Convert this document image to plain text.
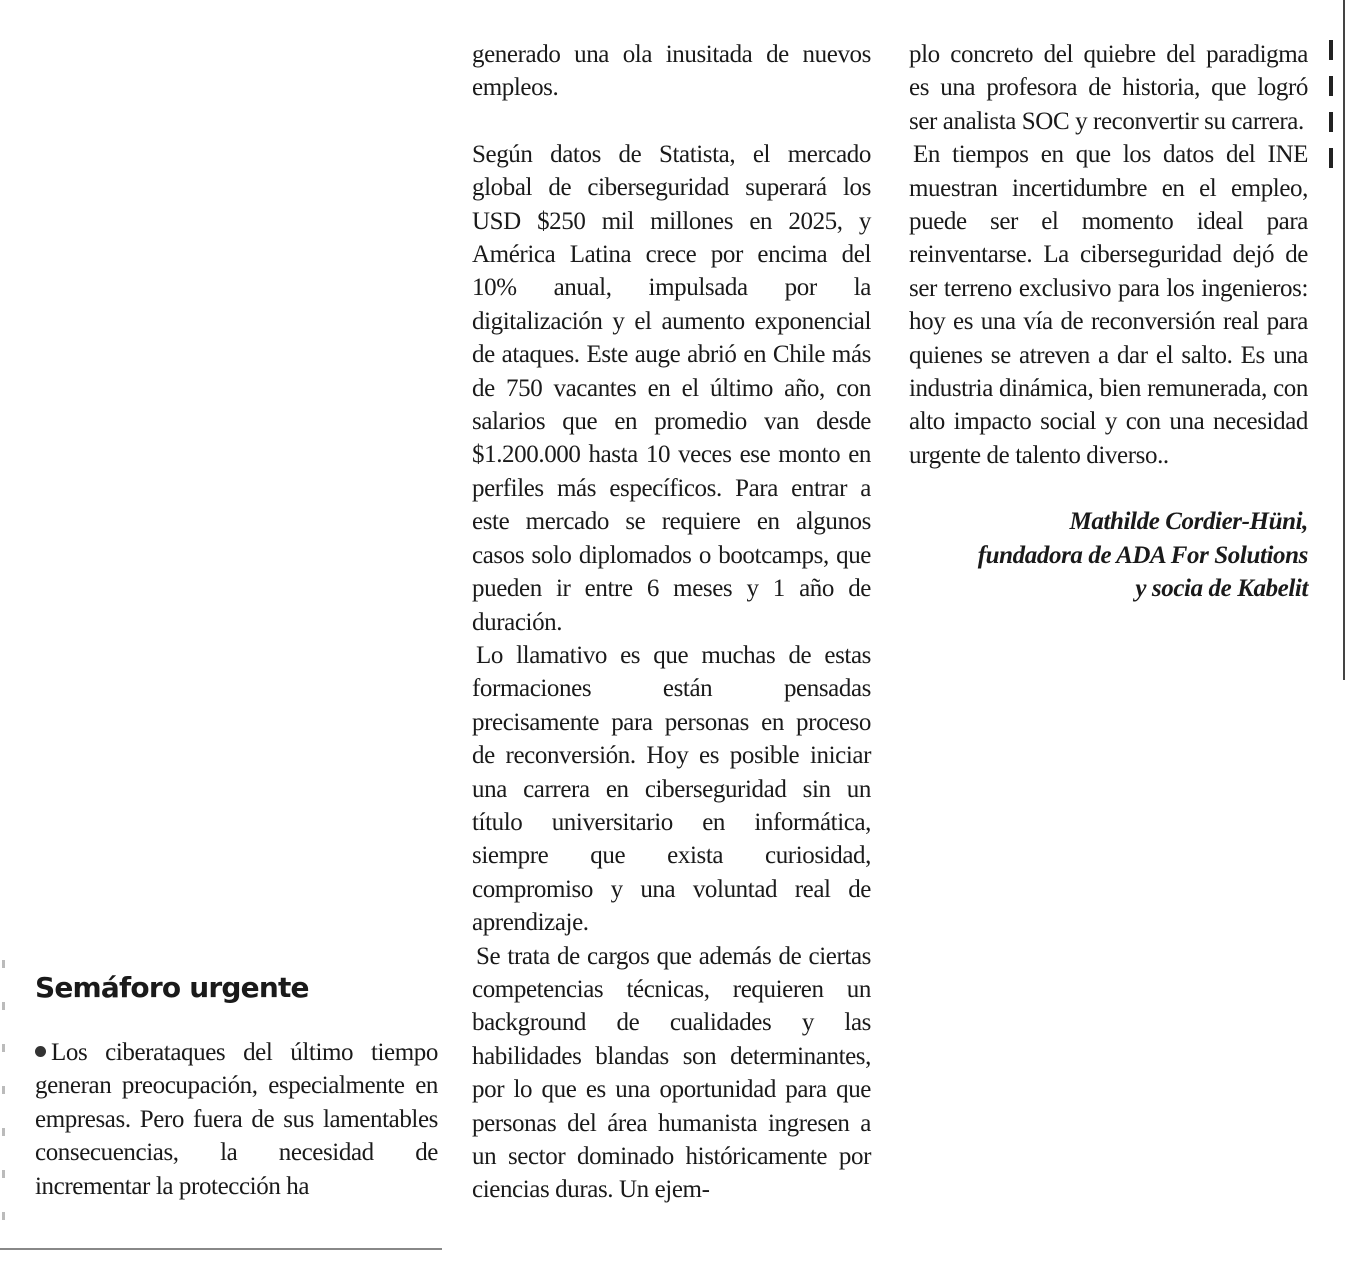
Semáforo urgente

Los ciberataques del último tiempo generan preocupación, especialmente en empresas. Pero fuera de sus lamentables consecuencias, la necesidad de incrementar la protección ha

generado una ola inusitada de nuevos empleos.

Según datos de Statista, el mercado global de ciberseguridad superará los USD $250 mil millones en 2025, y América Latina crece por encima del 10% anual, impulsada por la digitalización y el aumento exponencial de ataques. Este auge abrió en Chile más de 750 vacantes en el último año, con salarios que en promedio van desde $1.200.000 hasta 10 veces ese monto en perfiles más específicos. Para entrar a este mercado se requiere en algunos casos solo diplomados o bootcamps, que pueden ir entre 6 meses y 1 año de duración.

Lo llamativo es que muchas de estas formaciones están pensadas precisamente para personas en proceso de reconversión. Hoy es posible iniciar una carrera en ciberseguridad sin un título universitario en informática, siempre que exista curiosidad, compromiso y una voluntad real de aprendizaje.

Se trata de cargos que además de ciertas competencias técnicas, requieren un background de cualidades y las habilidades blandas son determinantes, por lo que es una oportunidad para que personas del área humanista ingresen a un sector dominado históricamente por ciencias duras. Un ejem-

plo concreto del quiebre del paradigma es una profesora de historia, que logró ser analista SOC y reconvertir su carrera.

En tiempos en que los datos del INE muestran incertidumbre en el empleo, puede ser el momento ideal para reinventarse. La ciberseguridad dejó de ser terreno exclusivo para los ingenieros: hoy es una vía de reconversión real para quienes se atreven a dar el salto. Es una industria dinámica, bien remunerada, con alto impacto social y con una necesidad urgente de talento diverso..

Mathilde Cordier-Hüni,
fundadora de ADA For Solutions
y socia de Kabelit
